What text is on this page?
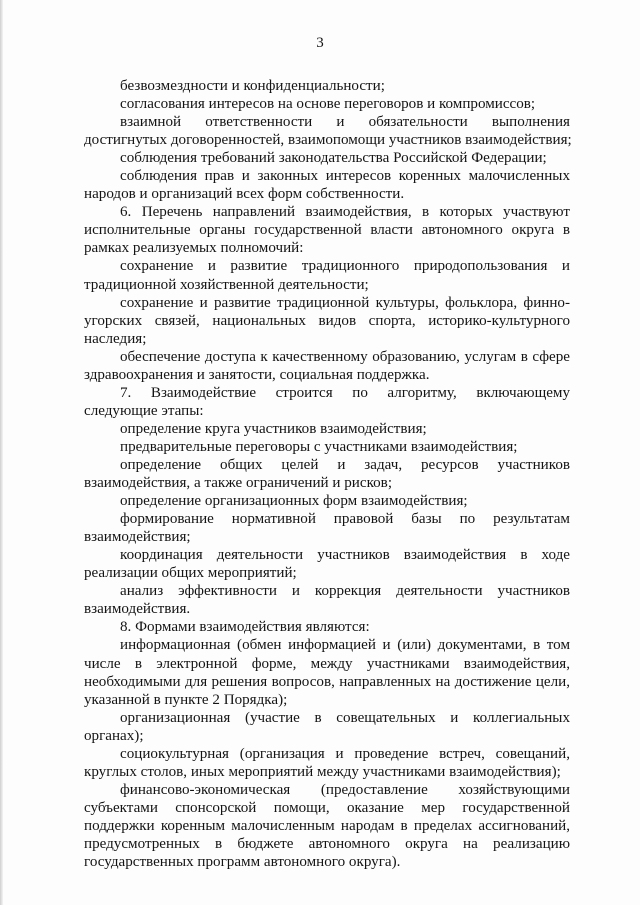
3
безвозмездности и конфиденциальности;
согласования интересов на основе переговоров и компромиссов;
взаимной ответственности и обязательности выполнения
достигнутых договоренностей, взаимопомощи участников взаимодействия;
соблюдения требований законодательства Российской Федерации;
соблюдения прав и законных интересов коренных малочисленных
народов и организаций всех форм собственности.
6. Перечень направлений взаимодействия, в которых участвуют
исполнительные органы государственной власти автономного округа в
рамках реализуемых полномочий:
сохранение и развитие традиционного природопользования и
традиционной хозяйственной деятельности;
сохранение и развитие традиционной культуры, фольклора, финно-
угорских связей, национальных видов спорта, историко-культурного
наследия;
обеспечение доступа к качественному образованию, услугам в сфере
здравоохранения и занятости, социальная поддержка.
7. Взаимодействие строится по алгоритму, включающему
следующие этапы:
определение круга участников взаимодействия;
предварительные переговоры с участниками взаимодействия;
определение общих целей и задач, ресурсов участников
взаимодействия, а также ограничений и рисков;
определение организационных форм взаимодействия;
формирование нормативной правовой базы по результатам
взаимодействия;
координация деятельности участников взаимодействия в ходе
реализации общих мероприятий;
анализ эффективности и коррекция деятельности участников
взаимодействия.
8. Формами взаимодействия являются:
информационная (обмен информацией и (или) документами, в том
числе в электронной форме, между участниками взаимодействия,
необходимыми для решения вопросов, направленных на достижение цели,
указанной в пункте 2 Порядка);
организационная (участие в совещательных и коллегиальных
органах);
социокультурная (организация и проведение встреч, совещаний,
круглых столов, иных мероприятий между участниками взаимодействия);
финансово-экономическая (предоставление хозяйствующими
субъектами спонсорской помощи, оказание мер государственной
поддержки коренным малочисленным народам в пределах ассигнований,
предусмотренных в бюджете автономного округа на реализацию
государственных программ автономного округа).
